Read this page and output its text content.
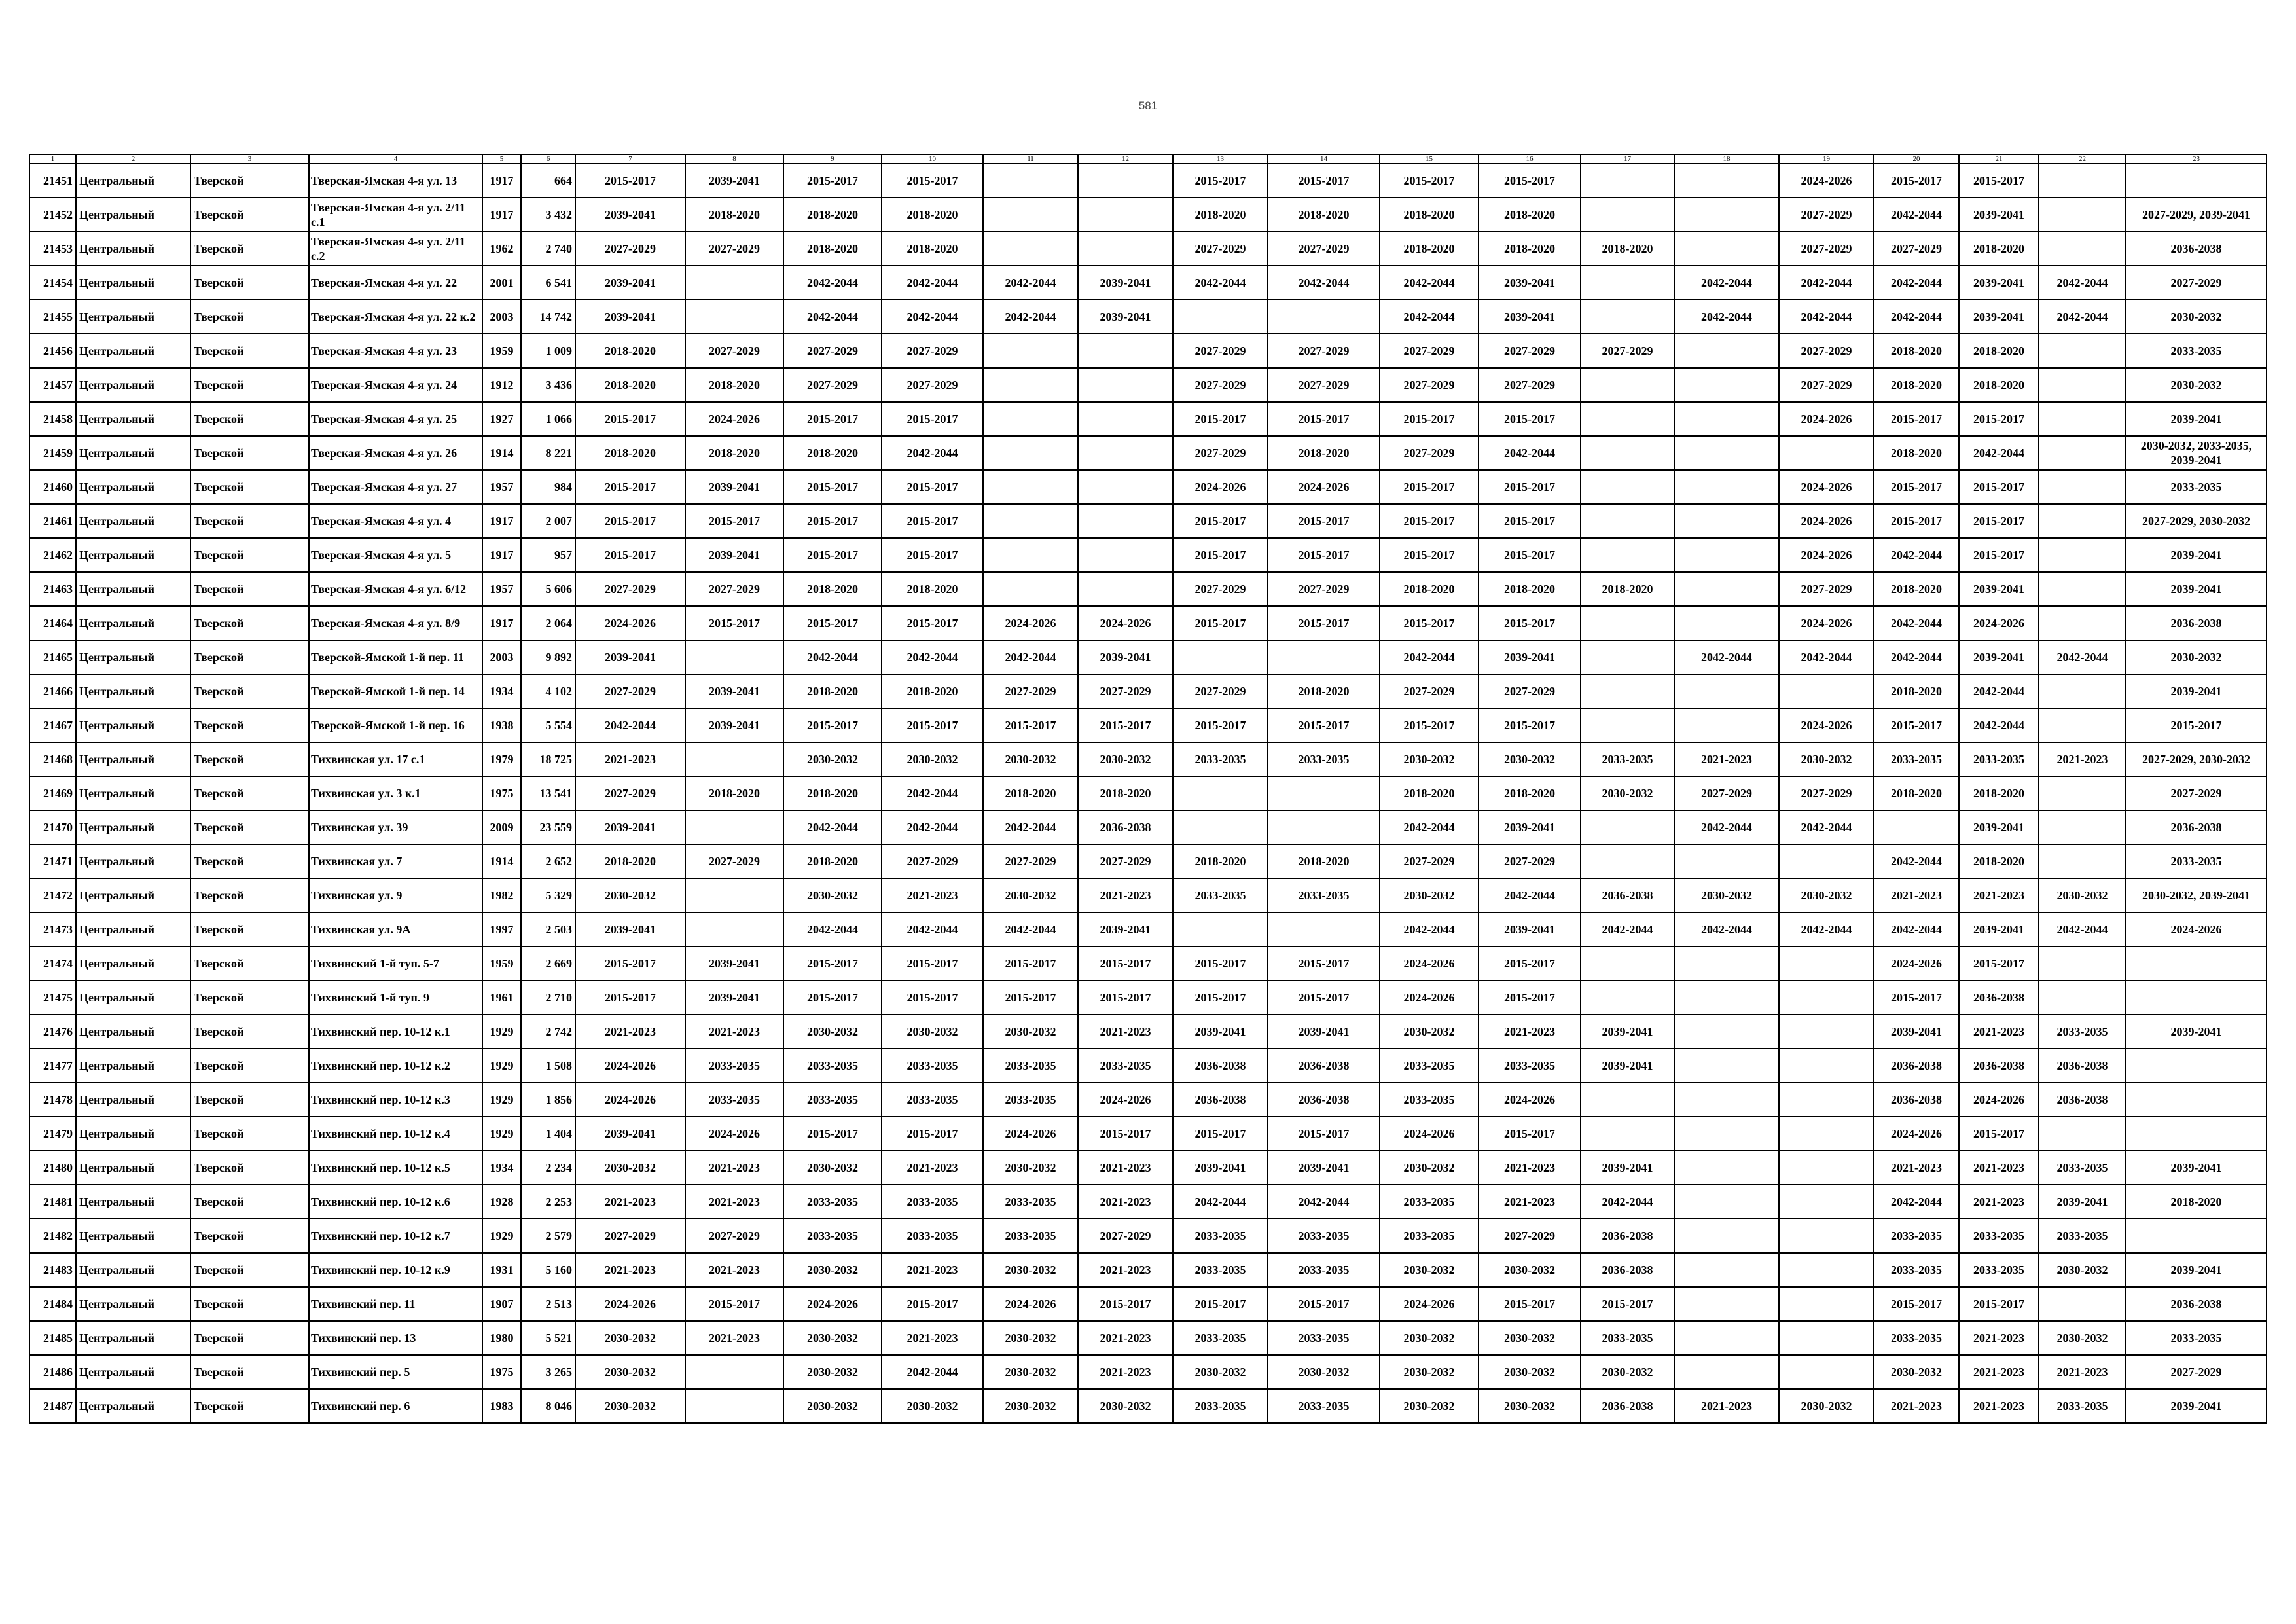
581
1	2	3	4	5	6	7	8	9	10	11	12	13	14	15	16	17	18	19	20	21	22	23
21451	Центральный	Тверской	Тверская-Ямская 4-я ул. 13	1917	664	2015-2017	2039-2041	2015-2017	2015-2017			2015-2017	2015-2017	2015-2017	2015-2017			2024-2026	2015-2017	2015-2017		
21452	Центральный	Тверской	Тверская-Ямская 4-я ул. 2/11 с.1	1917	3 432	2039-2041	2018-2020	2018-2020	2018-2020			2018-2020	2018-2020	2018-2020	2018-2020			2027-2029	2042-2044	2039-2041		2027-2029, 2039-2041
21453	Центральный	Тверской	Тверская-Ямская 4-я ул. 2/11 с.2	1962	2 740	2027-2029	2027-2029	2018-2020	2018-2020			2027-2029	2027-2029	2018-2020	2018-2020	2018-2020		2027-2029	2027-2029	2018-2020		2036-2038
21454	Центральный	Тверской	Тверская-Ямская 4-я ул. 22	2001	6 541	2039-2041		2042-2044	2042-2044	2042-2044	2039-2041	2042-2044	2042-2044	2042-2044	2039-2041		2042-2044	2042-2044	2042-2044	2039-2041	2042-2044	2027-2029
21455	Центральный	Тверской	Тверская-Ямская 4-я ул. 22 к.2	2003	14 742	2039-2041		2042-2044	2042-2044	2042-2044	2039-2041			2042-2044	2039-2041		2042-2044	2042-2044	2042-2044	2039-2041	2042-2044	2030-2032
21456	Центральный	Тверской	Тверская-Ямская 4-я ул. 23	1959	1 009	2018-2020	2027-2029	2027-2029	2027-2029			2027-2029	2027-2029	2027-2029	2027-2029	2027-2029		2027-2029	2018-2020	2018-2020		2033-2035
21457	Центральный	Тверской	Тверская-Ямская 4-я ул. 24	1912	3 436	2018-2020	2018-2020	2027-2029	2027-2029			2027-2029	2027-2029	2027-2029	2027-2029			2027-2029	2018-2020	2018-2020		2030-2032
21458	Центральный	Тверской	Тверская-Ямская 4-я ул. 25	1927	1 066	2015-2017	2024-2026	2015-2017	2015-2017			2015-2017	2015-2017	2015-2017	2015-2017			2024-2026	2015-2017	2015-2017		2039-2041
21459	Центральный	Тверской	Тверская-Ямская 4-я ул. 26	1914	8 221	2018-2020	2018-2020	2018-2020	2042-2044			2027-2029	2018-2020	2027-2029	2042-2044				2018-2020	2042-2044		2030-2032, 2033-2035, 2039-2041
21460	Центральный	Тверской	Тверская-Ямская 4-я ул. 27	1957	984	2015-2017	2039-2041	2015-2017	2015-2017			2024-2026	2024-2026	2015-2017	2015-2017			2024-2026	2015-2017	2015-2017		2033-2035
21461	Центральный	Тверской	Тверская-Ямская 4-я ул. 4	1917	2 007	2015-2017	2015-2017	2015-2017	2015-2017			2015-2017	2015-2017	2015-2017	2015-2017			2024-2026	2015-2017	2015-2017		2027-2029, 2030-2032
21462	Центральный	Тверской	Тверская-Ямская 4-я ул. 5	1917	957	2015-2017	2039-2041	2015-2017	2015-2017			2015-2017	2015-2017	2015-2017	2015-2017			2024-2026	2042-2044	2015-2017		2039-2041
21463	Центральный	Тверской	Тверская-Ямская 4-я ул. 6/12	1957	5 606	2027-2029	2027-2029	2018-2020	2018-2020			2027-2029	2027-2029	2018-2020	2018-2020	2018-2020		2027-2029	2018-2020	2039-2041		2039-2041
21464	Центральный	Тверской	Тверская-Ямская 4-я ул. 8/9	1917	2 064	2024-2026	2015-2017	2015-2017	2015-2017	2024-2026	2024-2026	2015-2017	2015-2017	2015-2017	2015-2017			2024-2026	2042-2044	2024-2026		2036-2038
21465	Центральный	Тверской	Тверской-Ямской 1-й пер. 11	2003	9 892	2039-2041		2042-2044	2042-2044	2042-2044	2039-2041			2042-2044	2039-2041		2042-2044	2042-2044	2042-2044	2039-2041	2042-2044	2030-2032
21466	Центральный	Тверской	Тверской-Ямской 1-й пер. 14	1934	4 102	2027-2029	2039-2041	2018-2020	2018-2020	2027-2029	2027-2029	2027-2029	2018-2020	2027-2029	2027-2029				2018-2020	2042-2044		2039-2041
21467	Центральный	Тверской	Тверской-Ямской 1-й пер. 16	1938	5 554	2042-2044	2039-2041	2015-2017	2015-2017	2015-2017	2015-2017	2015-2017	2015-2017	2015-2017	2015-2017			2024-2026	2015-2017	2042-2044		2015-2017
21468	Центральный	Тверской	Тихвинская ул. 17 с.1	1979	18 725	2021-2023		2030-2032	2030-2032	2030-2032	2030-2032	2033-2035	2033-2035	2030-2032	2030-2032	2033-2035	2021-2023	2030-2032	2033-2035	2033-2035	2021-2023	2027-2029, 2030-2032
21469	Центральный	Тверской	Тихвинская ул. 3 к.1	1975	13 541	2027-2029	2018-2020	2018-2020	2042-2044	2018-2020	2018-2020			2018-2020	2018-2020	2030-2032	2027-2029	2027-2029	2018-2020	2018-2020		2027-2029
21470	Центральный	Тверской	Тихвинская ул. 39	2009	23 559	2039-2041		2042-2044	2042-2044	2042-2044	2036-2038			2042-2044	2039-2041		2042-2044	2042-2044		2039-2041		2036-2038
21471	Центральный	Тверской	Тихвинская ул. 7	1914	2 652	2018-2020	2027-2029	2018-2020	2027-2029	2027-2029	2027-2029	2018-2020	2018-2020	2027-2029	2027-2029				2042-2044	2018-2020		2033-2035
21472	Центральный	Тверской	Тихвинская ул. 9	1982	5 329	2030-2032		2030-2032	2021-2023	2030-2032	2021-2023	2033-2035	2033-2035	2030-2032	2042-2044	2036-2038	2030-2032	2030-2032	2021-2023	2021-2023	2030-2032	2030-2032, 2039-2041
21473	Центральный	Тверской	Тихвинская ул. 9А	1997	2 503	2039-2041		2042-2044	2042-2044	2042-2044	2039-2041			2042-2044	2039-2041	2042-2044	2042-2044	2042-2044	2042-2044	2039-2041	2042-2044	2024-2026
21474	Центральный	Тверской	Тихвинский 1-й туп. 5-7	1959	2 669	2015-2017	2039-2041	2015-2017	2015-2017	2015-2017	2015-2017	2015-2017	2015-2017	2024-2026	2015-2017				2024-2026	2015-2017		
21475	Центральный	Тверской	Тихвинский 1-й туп. 9	1961	2 710	2015-2017	2039-2041	2015-2017	2015-2017	2015-2017	2015-2017	2015-2017	2015-2017	2024-2026	2015-2017				2015-2017	2036-2038		
21476	Центральный	Тверской	Тихвинский пер. 10-12 к.1	1929	2 742	2021-2023	2021-2023	2030-2032	2030-2032	2030-2032	2021-2023	2039-2041	2039-2041	2030-2032	2021-2023	2039-2041			2039-2041	2021-2023	2033-2035	2039-2041
21477	Центральный	Тверской	Тихвинский пер. 10-12 к.2	1929	1 508	2024-2026	2033-2035	2033-2035	2033-2035	2033-2035	2033-2035	2036-2038	2036-2038	2033-2035	2033-2035	2039-2041			2036-2038	2036-2038	2036-2038	
21478	Центральный	Тверской	Тихвинский пер. 10-12 к.3	1929	1 856	2024-2026	2033-2035	2033-2035	2033-2035	2033-2035	2024-2026	2036-2038	2036-2038	2033-2035	2024-2026				2036-2038	2024-2026	2036-2038	
21479	Центральный	Тверской	Тихвинский пер. 10-12 к.4	1929	1 404	2039-2041	2024-2026	2015-2017	2015-2017	2024-2026	2015-2017	2015-2017	2015-2017	2024-2026	2015-2017				2024-2026	2015-2017		
21480	Центральный	Тверской	Тихвинский пер. 10-12 к.5	1934	2 234	2030-2032	2021-2023	2030-2032	2021-2023	2030-2032	2021-2023	2039-2041	2039-2041	2030-2032	2021-2023	2039-2041			2021-2023	2021-2023	2033-2035	2039-2041
21481	Центральный	Тверской	Тихвинский пер. 10-12 к.6	1928	2 253	2021-2023	2021-2023	2033-2035	2033-2035	2033-2035	2021-2023	2042-2044	2042-2044	2033-2035	2021-2023	2042-2044			2042-2044	2021-2023	2039-2041	2018-2020
21482	Центральный	Тверской	Тихвинский пер. 10-12 к.7	1929	2 579	2027-2029	2027-2029	2033-2035	2033-2035	2033-2035	2027-2029	2033-2035	2033-2035	2033-2035	2027-2029	2036-2038			2033-2035	2033-2035	2033-2035	
21483	Центральный	Тверской	Тихвинский пер. 10-12 к.9	1931	5 160	2021-2023	2021-2023	2030-2032	2021-2023	2030-2032	2021-2023	2033-2035	2033-2035	2030-2032	2030-2032	2036-2038			2033-2035	2033-2035	2030-2032	2039-2041
21484	Центральный	Тверской	Тихвинский пер. 11	1907	2 513	2024-2026	2015-2017	2024-2026	2015-2017	2024-2026	2015-2017	2015-2017	2015-2017	2024-2026	2015-2017	2015-2017			2015-2017	2015-2017		2036-2038
21485	Центральный	Тверской	Тихвинский пер. 13	1980	5 521	2030-2032	2021-2023	2030-2032	2021-2023	2030-2032	2021-2023	2033-2035	2033-2035	2030-2032	2030-2032	2033-2035			2033-2035	2021-2023	2030-2032	2033-2035
21486	Центральный	Тверской	Тихвинский пер. 5	1975	3 265	2030-2032		2030-2032	2042-2044	2030-2032	2021-2023	2030-2032	2030-2032	2030-2032	2030-2032	2030-2032			2030-2032	2021-2023	2021-2023	2027-2029
21487	Центральный	Тверской	Тихвинский пер. 6	1983	8 046	2030-2032		2030-2032	2030-2032	2030-2032	2030-2032	2033-2035	2033-2035	2030-2032	2030-2032	2036-2038	2021-2023	2030-2032	2021-2023	2021-2023	2033-2035	2039-2041
